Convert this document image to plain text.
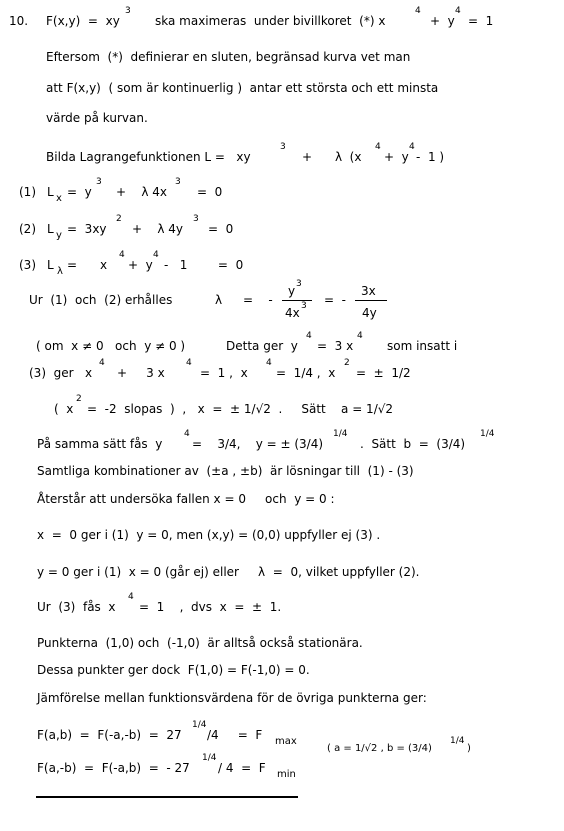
10. F(x,y)  =  xy
3
ska maximeras  under bivillkoret  (*) x
4
+  y
4
=  1
Eftersom  (*)  definierar en sluten, begränsad kurva vet man
att F(x,y)  ( som är kontinuerlig )  antar ett största och ett minsta
värde på kurvan.
Bilda Lagrangefunktionen L =   xy
3
+      λ  (x
4
+  y
4
-  1 )
(1) L x =  y
3
+    λ 4x
3
=  0
(2) L y =  3xy
2
+    λ 4y
3
=  0
(3) L λ =      x
4
+  y
4
-   1        =  0
Ur  (1)  och  (2) erhålles	λ =    -
y 3
4x 3 =  -
3x
4y
( om  x ≠ 0   och  y ≠ 0 )	Detta ger  y
4
=  3 x
4
som insatt i
(3)  ger   x
4
+     3 x
4
=  1 ,  x
4
=  1/4 ,  x
2
=  ±  1/2
(  x
2
=  -2  slopas  )  ,   x  =  ± 1/√2  .     Sätt    a = 1/√2
På samma sätt fås  y
4
=    3/4,    y = ± (3/4)
1/4
.  Sätt  b  =  (3/4)
1/4
Samtliga kombinationer av  (±a , ±b)  är lösningar till  (1) - (3)
Återstår att undersöka fallen x = 0     och  y = 0 :
x  =  0 ger i (1)  y = 0, men (x,y) = (0,0) uppfyller ej (3) .
y = 0 ger i (1)  x = 0 (går ej) eller     λ  =  0, vilket uppfyller (2).
Ur  (3)  fås  x
4
=  1    ,  dvs  x  =  ±  1.
Punkterna  (1,0) och  (-1,0)  är alltså också stationära.
Dessa punkter ger dock  F(1,0) = F(-1,0) = 0.
Jämförelse mellan funktionsvärdena för de övriga punkterna ger:
F(a,b)  =  F(-a,-b)  =  27
1/4
/4     =  F max
( a = 1/√2 , b = (3/4)
1/4
)
F(a,-b)  =  F(-a,b)  =  - 27
1/4
/ 4  =  F min
